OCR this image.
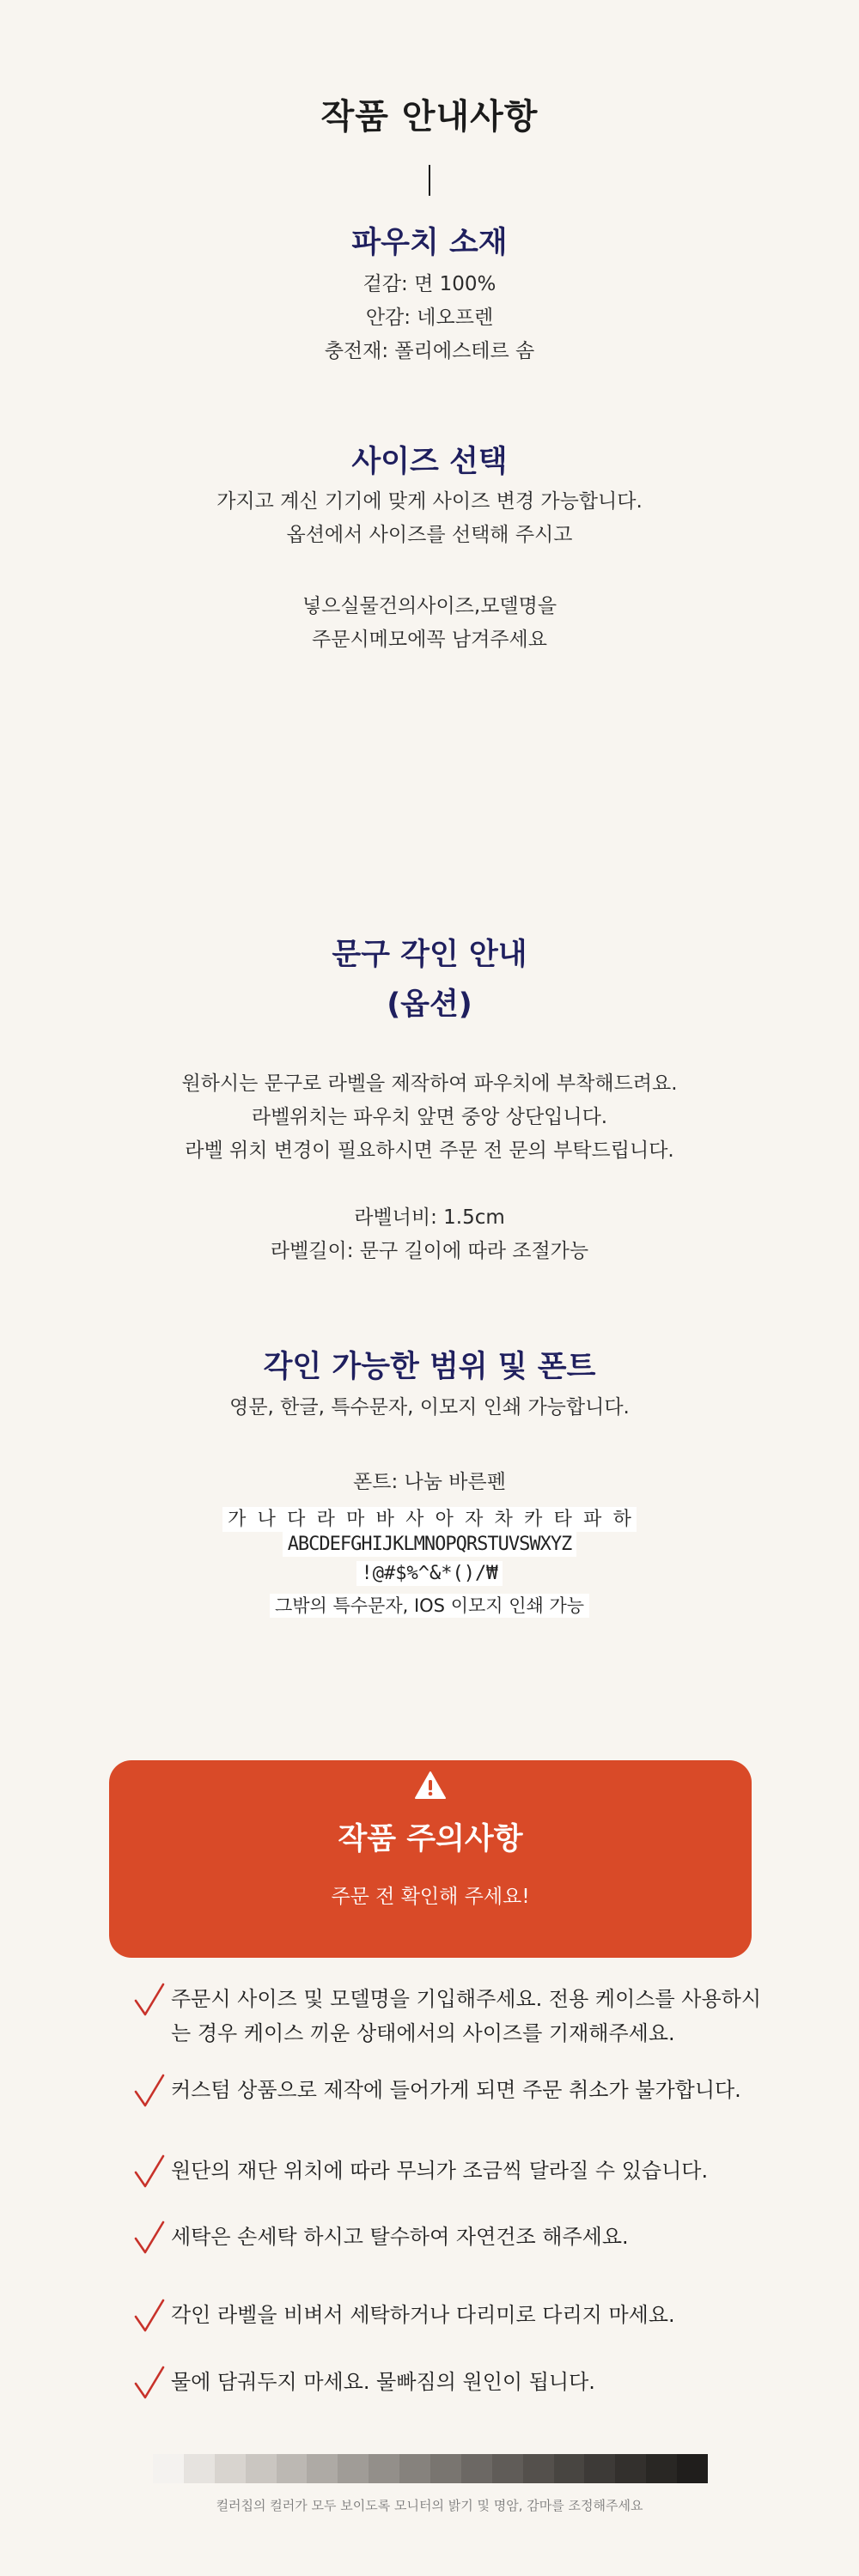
작품 안내사항
파우치 소재
겉감: 면 100%
안감: 네오프렌
충전재: 폴리에스테르 솜
사이즈 선택
가지고 계신 기기에 맞게 사이즈 변경 가능합니다.
옵션에서 사이즈를 선택해 주시고
넣으실물건의사이즈,모델명을
주문시메모에꼭 남겨주세요
문구 각인 안내
(옵션)
원하시는 문구로 라벨을 제작하여 파우치에 부착해드려요.
라벨위치는 파우치 앞면 중앙 상단입니다.
라벨 위치 변경이 필요하시면 주문 전 문의 부탁드립니다.
라벨너비: 1.5cm
라벨길이: 문구 길이에 따라 조절가능
각인 가능한 범위 및 폰트
영문, 한글, 특수문자, 이모지 인쇄 가능합니다.
폰트: 나눔 바른펜
가 나 다 라 마 바 사 아 자 차 카 타 파 하
ABCDEFGHIJKLMNOPQRSTUVSWXYZ
!@#$%^&*()/₩
그밖의 특수문자, IOS 이모지 인쇄 가능
작품 주의사항
주문 전 확인해 주세요!
주문시 사이즈 및 모델명을 기입해주세요. 전용 케이스를 사용하시는 경우 케이스 끼운 상태에서의 사이즈를 기재해주세요.
커스텀 상품으로 제작에 들어가게 되면 주문 취소가 불가합니다.
원단의 재단 위치에 따라 무늬가 조금씩 달라질 수 있습니다.
세탁은 손세탁 하시고 탈수하여 자연건조 해주세요.
각인 라벨을 비벼서 세탁하거나 다리미로 다리지 마세요.
물에 담궈두지 마세요. 물빠짐의 원인이 됩니다.
컬러칩의 컬러가 모두 보이도록 모니터의 밝기 및 명암, 감마를 조정해주세요
